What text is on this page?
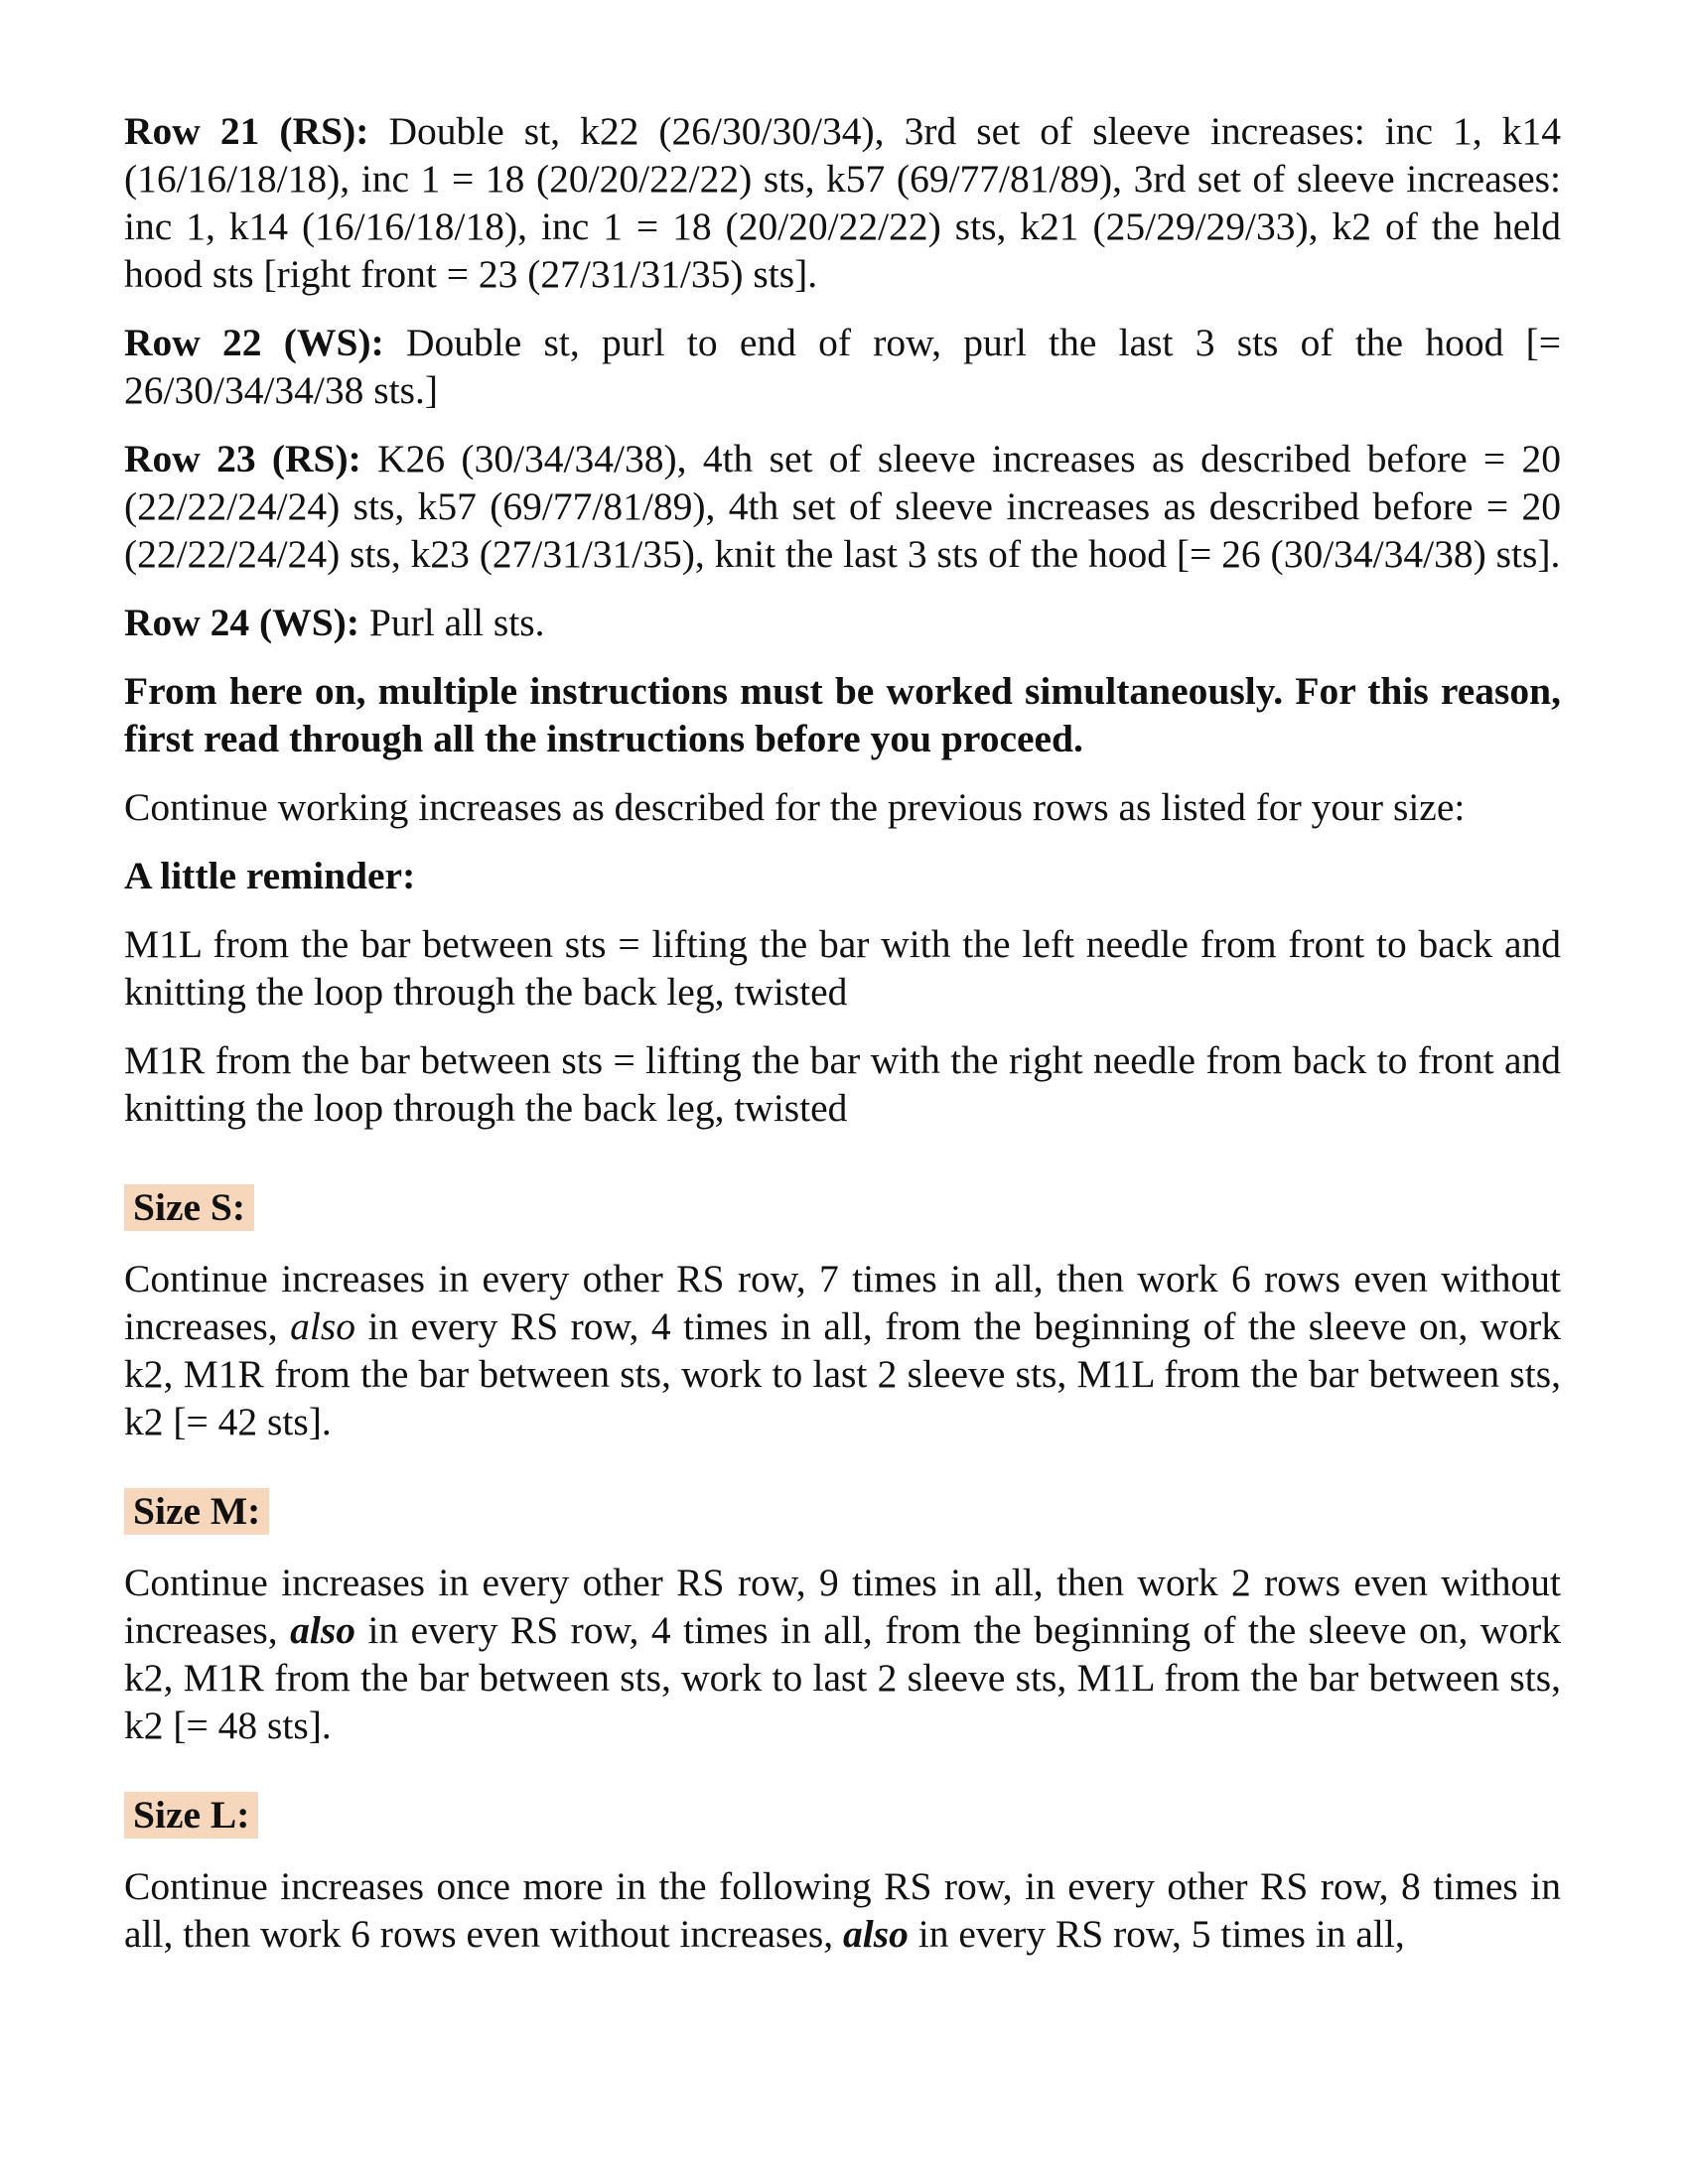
Row 21 (RS): Double st, k22 (26/30/30/34), 3rd set of sleeve increases: inc 1, k14 (16/16/18/18), inc 1 = 18 (20/20/22/22) sts, k57 (69/77/81/89), 3rd set of sleeve increases: inc 1, k14 (16/16/18/18), inc 1 = 18 (20/20/22/22) sts, k21 (25/29/29/33), k2 of the held hood sts [right front = 23 (27/31/31/35) sts].

Row 22 (WS): Double st, purl to end of row, purl the last 3 sts of the hood [= 26/30/34/34/38 sts.]

Row 23 (RS): K26 (30/34/34/38), 4th set of sleeve increases as described before = 20 (22/22/24/24) sts, k57 (69/77/81/89), 4th set of sleeve increases as described before = 20 (22/22/24/24) sts, k23 (27/31/31/35), knit the last 3 sts of the hood [= 26 (30/34/34/38) sts].

Row 24 (WS): Purl all sts.

From here on, multiple instructions must be worked simultaneously. For this reason, first read through all the instructions before you proceed.

Continue working increases as described for the previous rows as listed for your size:

A little reminder:

M1L from the bar between sts = lifting the bar with the left needle from front to back and knitting the loop through the back leg, twisted

M1R from the bar between sts = lifting the bar with the right needle from back to front and knitting the loop through the back leg, twisted

Size S:

Continue increases in every other RS row, 7 times in all, then work 6 rows even without increases, also in every RS row, 4 times in all, from the beginning of the sleeve on, work k2, M1R from the bar between sts, work to last 2 sleeve sts, M1L from the bar between sts, k2 [= 42 sts].

Size M:

Continue increases in every other RS row, 9 times in all, then work 2 rows even without increases, also in every RS row, 4 times in all, from the beginning of the sleeve on, work k2, M1R from the bar between sts, work to last 2 sleeve sts, M1L from the bar between sts, k2 [= 48 sts].

Size L:

Continue increases once more in the following RS row, in every other RS row, 8 times in all, then work 6 rows even without increases, also in every RS row, 5 times in all,
